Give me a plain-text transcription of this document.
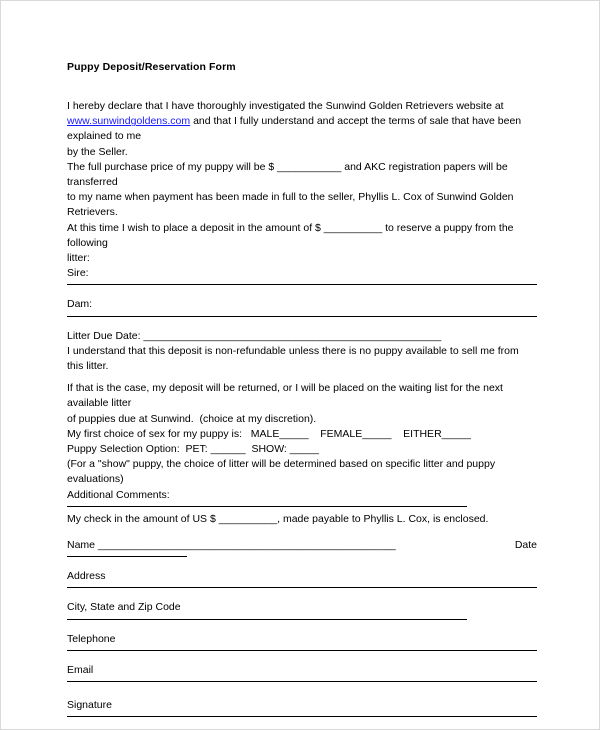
Puppy Deposit/Reservation Form

I hereby declare that I have thoroughly investigated the Sunwind Golden Retrievers website at
www.sunwindgoldens.com and that I fully understand and accept the terms of sale that have been explained to me
by the Seller.

The full purchase price of my puppy will be $ ___________ and AKC registration papers will be transferred

to my name when payment has been made in full to the seller, Phyllis L. Cox of Sunwind Golden Retrievers.

At this time I wish to place a deposit in the amount of $ __________ to reserve a puppy from the following

litter:

Sire:

Dam:

Litter Due Date: ___________________________________________________

I understand that this deposit is non-refundable unless there is no puppy available to sell me from this litter.

If that is the case, my deposit will be returned, or I will be placed on the waiting list for the next available litter

of puppies due at Sunwind.  (choice at my discretion).

My first choice of sex for my puppy is:   MALE_____    FEMALE_____    EITHER_____

Puppy Selection Option:  PET: ______  SHOW: _____

(For a "show" puppy, the choice of litter will be determined based on specific litter and puppy evaluations)

Additional Comments:

My check in the amount of US $ __________, made payable to Phyllis L. Cox, is enclosed.

Name ___________________________________________________	Date

Address

City, State and Zip Code

Telephone

Email

Signature
